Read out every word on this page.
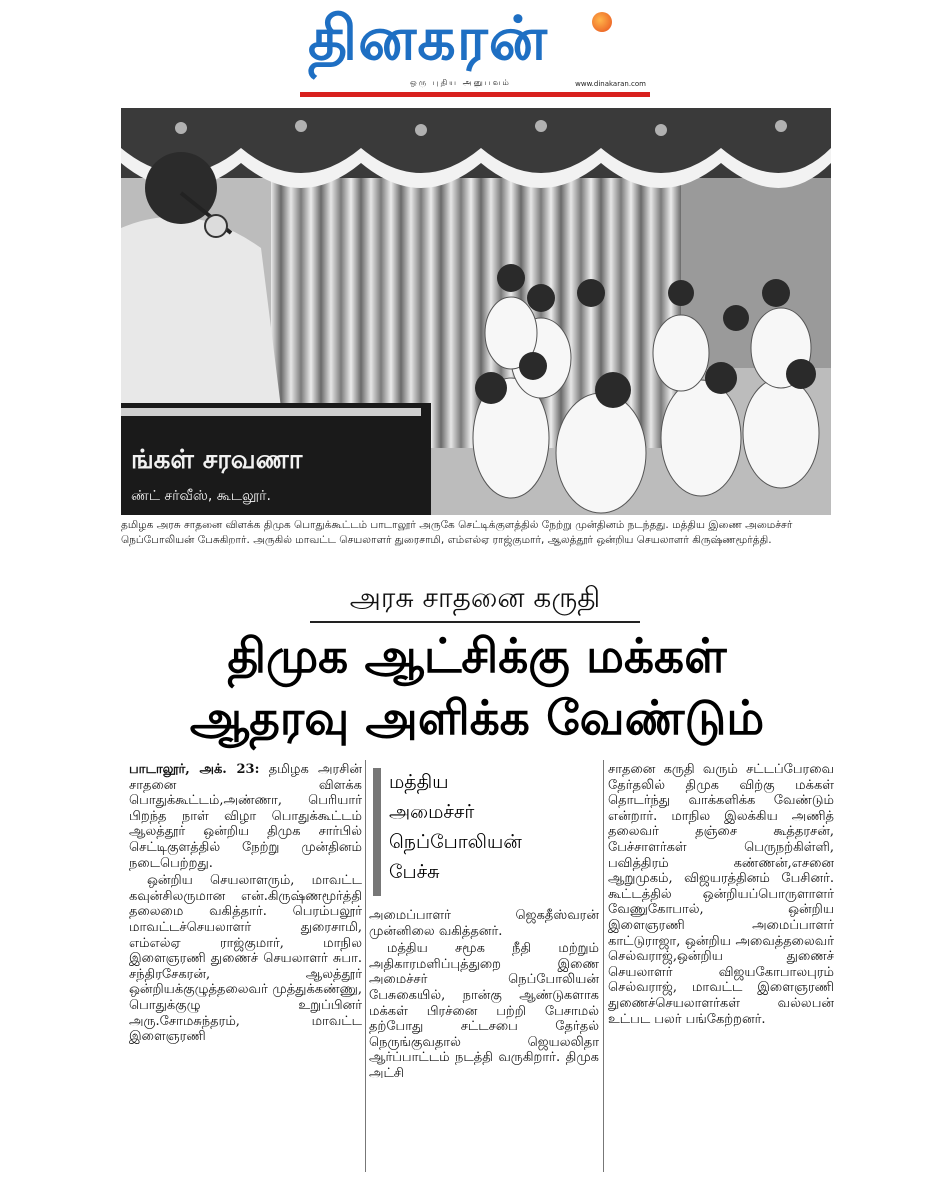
தினகரன்
ஒரு புதிய அனுபவம்	www.dinakaran.com
ங்கள் சரவணா
ண்ட் சர்வீஸ், கூடலூர்.
தமிழக அரசு சாதனை விளக்க திமுக பொதுக்கூட்டம் பாடாலூர் அருகே செட்டிக்குளத்தில் நேற்று முன்தினம் நடந்தது. மத்திய இணை அமைச்சர் நெப்போலியன் பேசுகிறார். அருகில் மாவட்ட செயலாளர் துரைசாமி, எம்எல்ஏ ராஜ்குமார், ஆலத்தூர் ஒன்றிய செயலாளர் கிருஷ்ணமூர்த்தி.
அரசு சாதனை கருதி
திமுக ஆட்சிக்கு மக்கள்
ஆதரவு அளிக்க வேண்டும்

பாடாலூர், அக். 23: தமிழக அரசின் சாதனை விளக்க பொதுக்கூட்டம்,அண்ணா, பெரியார் பிறந்த நாள் விழா பொதுக்கூட்டம் ஆலத்தூர் ஒன்றிய திமுக சார்பில் செட்டிகுளத்தில் நேற்று முன்தினம் நடைபெற்றது.

ஒன்றிய செயலாளரும், மாவட்ட கவுன்சிலருமான என்.கிருஷ்ணமூர்த்தி தலைமை வகித்தார். பெரம்பலூர் மாவட்டச்செயலாளர் துரைசாமி, எம்எல்ஏ ராஜ்குமார், மாநில இளைஞரணி துணைச் செயலாளர் சுபா. சந்திரசேகரன், ஆலத்தூர் ஒன்றியக்குழுத்தலைவர் முத்துக்கண்ணு, பொதுக்குழு உறுப்பினர் அரு.சோமசுந்தரம், மாவட்ட இளைஞரணி

மத்திய
அமைச்சர்
நெப்போலியன்
பேச்சு

அமைப்பாளர் ஜெகதீஸ்வரன் முன்னிலை வகித்தனர்.

மத்திய சமூக நீதி மற்றும் அதிகாரமளிப்புத்துறை இணை அமைச்சர் நெப்போலியன் பேசுகையில், நான்கு ஆண்டுகளாக மக்கள் பிரச்னை பற்றி பேசாமல் தற்போது சட்டசபை தேர்தல் நெருங்குவதால் ஜெயலலிதா ஆர்ப்பாட்டம் நடத்தி வருகிறார். திமுக அட்சி

சாதனை கருதி வரும் சட்டப்பேரவை தேர்தலில் திமுக விற்கு மக்கள் தொடர்ந்து வாக்களிக்க வேண்டும் என்றார். மாநில இலக்கிய அணித் தலைவர் தஞ்சை கூத்தரசன், பேச்சாளர்கள் பெருநற்கிள்ளி, பவித்திரம் கண்ணன்,எசனை ஆறுமுகம், விஜயரத்தினம் பேசினர். கூட்டத்தில் ஒன்றியப்பொருளாளர் வேணுகோபால், ஒன்றிய இளைஞரணி அமைப்பாளர் காட்டுராஜா, ஒன்றிய அவைத்தலைவர் செல்வராஜ்,ஒன்றிய துணைச் செயலாளர் விஜயகோபாலபுரம் செல்வராஜ், மாவட்ட இளைஞரணி துணைச்செயலாளர்கள் வல்லபன் உட்பட பலர் பங்கேற்றனர்.
